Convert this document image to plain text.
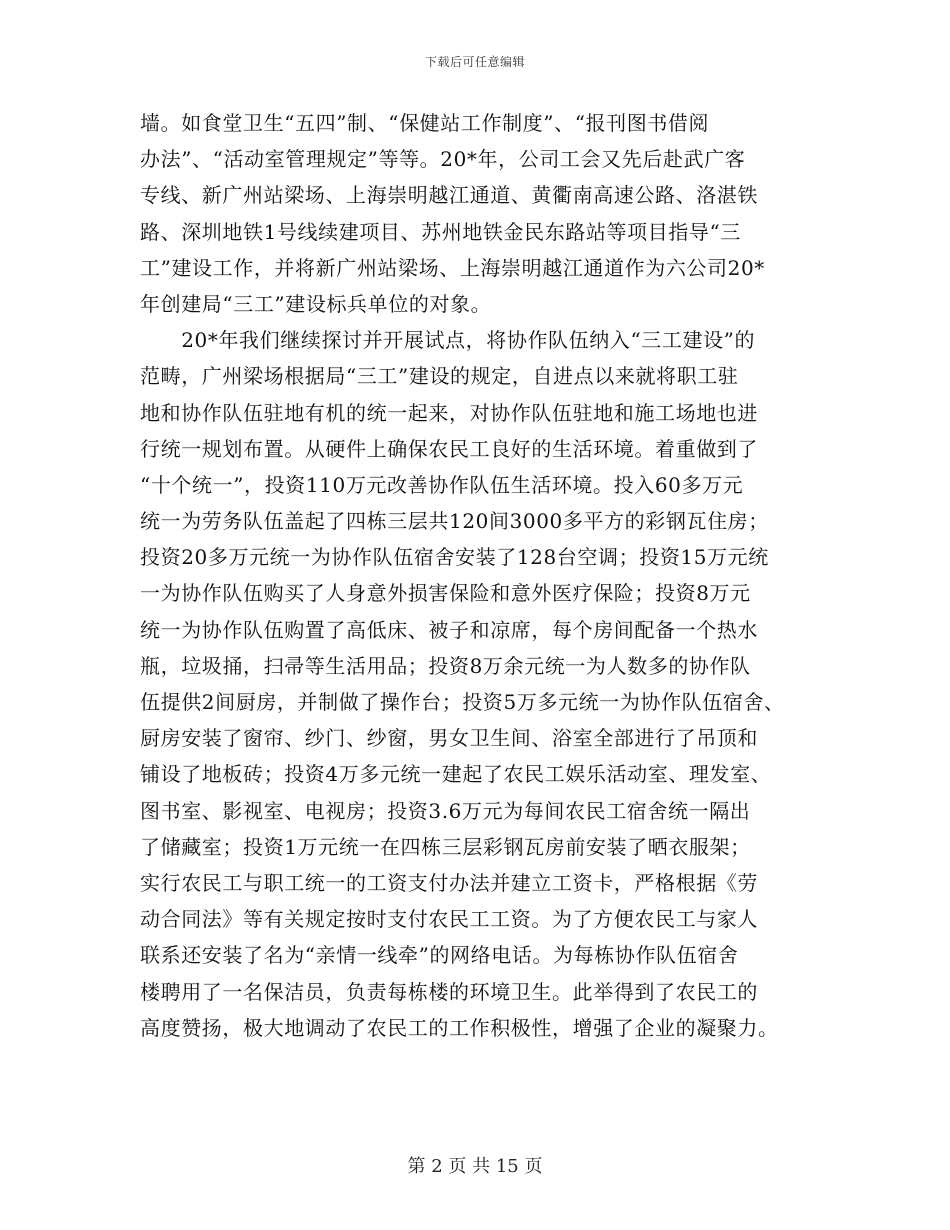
下载后可任意编辑
墙。如食堂卫生“五四”制、“保健站工作制度”、“报刊图书借阅
办法”、“活动室管理规定”等等。20*年，公司工会又先后赴武广客
专线、新广州站梁场、上海崇明越江通道、黄衢南高速公路、洛湛铁
路、深圳地铁1号线续建项目、苏州地铁金民东路站等项目指导“三
工”建设工作，并将新广州站梁场、上海崇明越江通道作为六公司20*
年创建局“三工”建设标兵单位的对象。
　　20*年我们继续探讨并开展试点，将协作队伍纳入“三工建设”的
范畴，广州梁场根据局“三工”建设的规定，自进点以来就将职工驻
地和协作队伍驻地有机的统一起来，对协作队伍驻地和施工场地也进
行统一规划布置。从硬件上确保农民工良好的生活环境。着重做到了
“十个统一”，投资110万元改善协作队伍生活环境。投入60多万元
统一为劳务队伍盖起了四栋三层共120间3000多平方的彩钢瓦住房；
投资20多万元统一为协作队伍宿舍安装了128台空调；投资15万元统
一为协作队伍购买了人身意外损害保险和意外医疗保险；投资8万元
统一为协作队伍购置了高低床、被子和凉席，每个房间配备一个热水
瓶，垃圾捅，扫帚等生活用品；投资8万余元统一为人数多的协作队
伍提供2间厨房，并制做了操作台；投资5万多元统一为协作队伍宿舍、
厨房安装了窗帘、纱门、纱窗，男女卫生间、浴室全部进行了吊顶和
铺设了地板砖；投资4万多元统一建起了农民工娱乐活动室、理发室、
图书室、影视室、电视房；投资3.6万元为每间农民工宿舍统一隔出
了储藏室；投资1万元统一在四栋三层彩钢瓦房前安装了晒衣服架；
实行农民工与职工统一的工资支付办法并建立工资卡，严格根据《劳
动合同法》等有关规定按时支付农民工工资。为了方便农民工与家人
联系还安装了名为“亲情一线牵”的网络电话。为每栋协作队伍宿舍
楼聘用了一名保洁员，负责每栋楼的环境卫生。此举得到了农民工的
高度赞扬，极大地调动了农民工的工作积极性，增强了企业的凝聚力。
第 2 页 共 15 页
